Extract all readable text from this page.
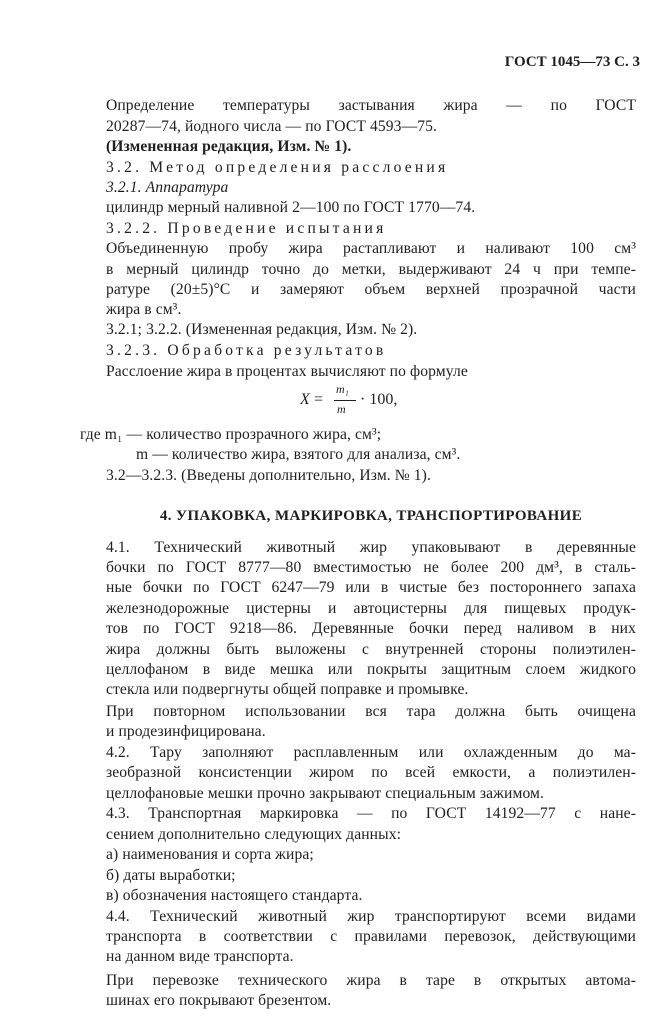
ГОСТ 1045—73 С. 3
Определение температуры застывания жира — по ГОСТ
20287—74, йодного числа — по ГОСТ 4593—75.
(Измененная редакция, Изм. № 1).
3.2. Метод определения расслоения
3.2.1. Аппаратура
цилиндр мерный наливной 2—100 по ГОСТ 1770—74.
3.2.2. Проведение испытания
Объединенную пробу жира растапливают и наливают 100 см³
в мерный цилиндр точно до метки, выдерживают 24 ч при темпе-
ратуре (20±5)°С и замеряют объем верхней прозрачной части
жира в см³.
3.2.1; 3.2.2. (Измененная редакция, Изм. № 2).
3.2.3. Обработка результатов
Расслоение жира в процентах вычисляют по формуле
X =
m₁
m
· 100,
где m₁ — количество прозрачного жира, см³;
m — количество жира, взятого для анализа, см³.
3.2—3.2.3. (Введены дополнительно, Изм. № 1).
4. УПАКОВКА, МАРКИРОВКА, ТРАНСПОРТИРОВАНИЕ
4.1. Технический животный жир упаковывают в деревянные
бочки по ГОСТ 8777—80 вместимостью не более 200 дм³, в сталь-
ные бочки по ГОСТ 6247—79 или в чистые без постороннего запаха
железнодорожные цистерны и автоцистерны для пищевых продук-
тов по ГОСТ 9218—86. Деревянные бочки перед наливом в них
жира должны быть выложены с внутренней стороны полиэтилен-
целлофаном в виде мешка или покрыты защитным слоем жидкого
стекла или подвергнуты общей поправке и промывке.
При повторном использовании вся тара должна быть очищена
и продезинфицирована.
4.2. Тару заполняют расплавленным или охлажденным до ма-
зеобразной консистенции жиром по всей емкости, а полиэтилен-
целлофановые мешки прочно закрывают специальным зажимом.
4.3. Транспортная маркировка — по ГОСТ 14192—77 с нане-
сением дополнительно следующих данных:
а) наименования и сорта жира;
б) даты выработки;
в) обозначения настоящего стандарта.
4.4. Технический животный жир транспортируют всеми видами
транспорта в соответствии с правилами перевозок, действующими
на данном виде транспорта.
При перевозке технического жира в таре в открытых автома-
шинах его покрывают брезентом.
